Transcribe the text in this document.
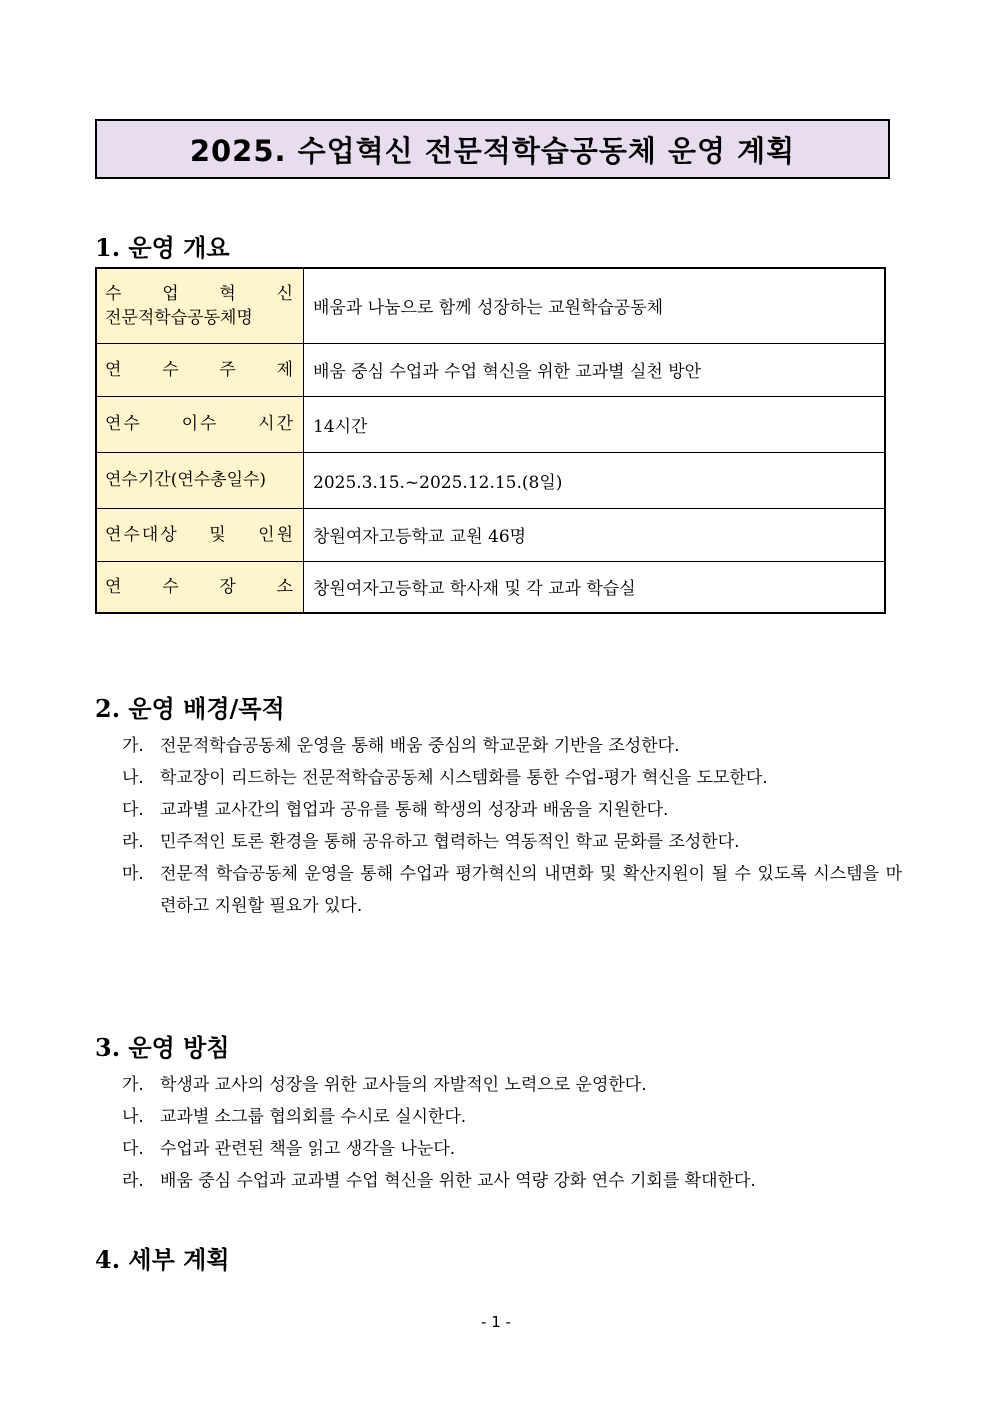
2025. 수업혁신 전문적학습공동체 운영 계획
1. 운영 개요
수 업 혁 신
전문적학습공동체명	배움과 나눔으로 함께 성장하는 교원학습공동체
연 수 주 제	배움 중심 수업과 수업 혁신을 위한 교과별 실천 방안
연수 이수 시간	14시간
연수기간(연수총일수)	2025.3.15.~2025.12.15.(8일)
연수대상 및 인원	창원여자고등학교 교원 46명
연 수 장 소	창원여자고등학교 학사재 및 각 교과 학습실
2. 운영 배경/목적
가. 전문적학습공동체 운영을 통해 배움 중심의 학교문화 기반을 조성한다.
나. 학교장이 리드하는 전문적학습공동체 시스템화를 통한 수업-평가 혁신을 도모한다.
다. 교과별 교사간의 협업과 공유를 통해 학생의 성장과 배움을 지원한다.
라. 민주적인 토론 환경을 통해 공유하고 협력하는 역동적인 학교 문화를 조성한다.
마. 전문적 학습공동체 운영을 통해 수업과 평가혁신의 내면화 및 확산지원이 될 수 있도록 시스템을 마련하고 지원할 필요가 있다.
3. 운영 방침
가. 학생과 교사의 성장을 위한 교사들의 자발적인 노력으로 운영한다.
나. 교과별 소그룹 협의회를 수시로 실시한다.
다. 수업과 관련된 책을 읽고 생각을 나눈다.
라. 배움 중심 수업과 교과별 수업 혁신을 위한 교사 역량 강화 연수 기회를 확대한다.
4. 세부 계획
- 1 -
